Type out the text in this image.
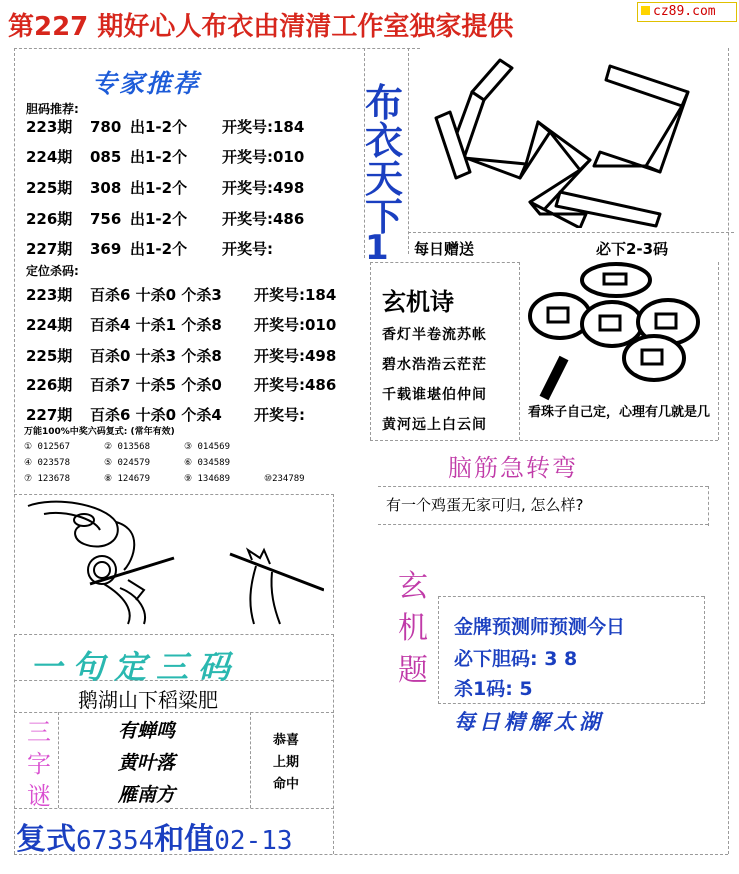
第227 期好心人布衣由清清工作室独家提供
cz89.com
专家推荐
胆码推荐:
223期 780 出1-2个 开奖号:184
224期 085 出1-2个 开奖号:010
225期 308 出1-2个 开奖号:498
226期 756 出1-2个 开奖号:486
227期 369 出1-2个 开奖号:
定位杀码:
223期 百杀6 十杀0 个杀3 开奖号:184
224期 百杀4 十杀1 个杀8 开奖号:010
225期 百杀0 十杀3 个杀8 开奖号:498
226期 百杀7 十杀5 个杀0 开奖号:486
227期 百杀6 十杀0 个杀4 开奖号:
万能100%中奖六码复式: (常年有效)
① 012567	② 013568	③ 014569
④ 023578	⑤ 024579	⑥ 034589
⑦ 123678	⑧ 124679	⑨ 134689	⑩234789
布
衣
天
下
1 每日赠送	必下2-3码
玄机诗
香灯半卷流苏帐
碧水浩浩云茫茫
千载谁堪伯仲间
黄河远上白云间
看珠子自己定，心理有几就是几
脑筋急转弯
有一个鸡蛋无家可归, 怎么样?
玄
机
题
金牌预测师预测今日
必下胆码: 3 8
杀1码: 5
每日精解太湖
一句定三码
鹅湖山下稻粱肥
三
字
谜
有蝉鸣
黄叶落
雁南方
恭喜
上期
命中
复式67354和值02-13
